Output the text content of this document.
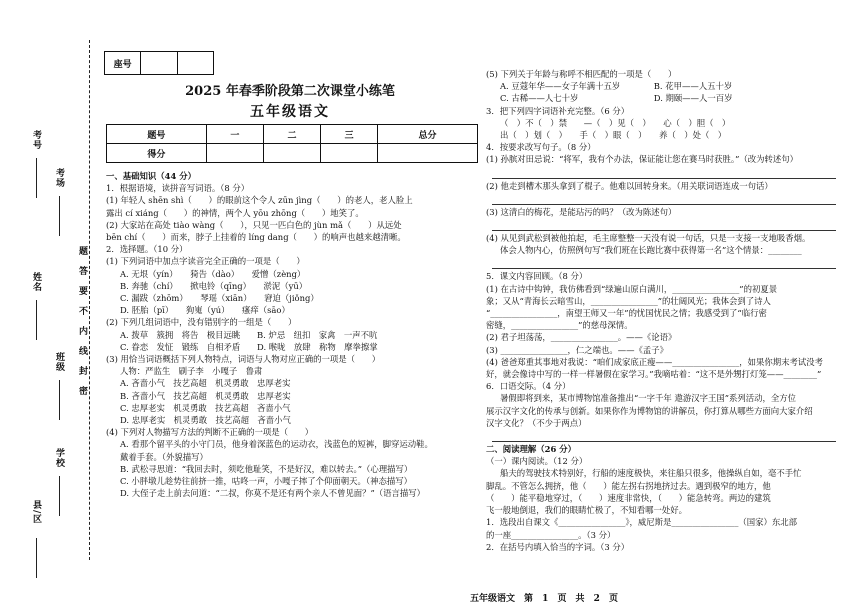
考号
考场
姓名
班级
学校
县/区
题
答
要
不
内
线
封
密
座号
2025 年春季阶段第二次课堂小练笔
五年级语文
题号	一	二	三	总分
得分				
一、基础知识（44 分）
1．根据语境，读拼音写词语。（8 分）
(1) 年轻人 shēn shì（　　）的眼前这个令人 zūn jìng（　　）的老人，老人脸上
露出 cí xiáng（　　）的神情，两个人 yōu zhōng（　　）地笑了。
(2) 大家站在高处 tiào wàng（　　），只见一匹白色的 jùn mǎ（　　）从远处
bēn chí（　　）而来，脖子上挂着的 líng dang（　　）的响声也越来越清晰。
2．选择题。（10 分）
(1) 下列词语中加点字读音完全正确的一项是（　　）
A. 无垠（yín）　　猗告（dào）　　爱憎（zèng）
B. 奔驰（chí）　　掀电铃（qīng）　　淤泥（yū）
C. 漏跋（zhōm）　　琴瑶（xiān）　　窘迫（jiǒng）
D. 胚胎（pī）　　狗嵬（yú）　　瘙痒（sāo）
(2) 下列几组词语中，没有错别字的一组是（　　）
A. 拨草　簇拥　将告　极目远眺　　B. 炉忌　纽扣　家禽　一声不吭
C. 眷恋　发怔　锻练　自相矛盾　　D. 喉咙　放肆　称物　摩拳擦掌
(3) 用恰当词语概括下列人物特点，词语与人物对应正确的一项是（　　）
人物：严监生　刷子李　小嘎子　鲁肃
A. 吝啬小气　技艺高超　机灵勇敢　忠厚老实
B. 吝啬小气　技艺高超　机灵勇敢　忠厚老实
C. 忠厚老实　机灵勇敢　技艺高超　吝啬小气
D. 忠厚老实　机灵勇敢　技艺高超　吝啬小气
(4) 下列对人物描写方法的判断不正确的一项是（　　）
A. 看那个留平头的小守门员，他身着深蓝色的运动衣，浅蓝色的短裤，脚穿运动鞋。
戴着手套。（外貌描写）
B. 武松寻思道：“我回去时，须吃他耻笑，不是好汉，难以转去。”（心理描写）
C. 小胖墩儿趁势往前挤一推，咕咚一声，小嘎子摔了个仰面朝天。（神态描写）
D. 大侄子走上前去问道：“二叔，你莫不是还有两个亲人不曾见面？”（语言描写）
(5) 下列关于年龄与称呼不相匹配的一项是（　　）
A. 豆蔻年华——女子年满十五岁　　　　B. 花甲——人五十岁
C. 古稀——人七十岁　　　　　　　　　D. 期颐——人一百岁
3．把下列四字词语补充完整。（6 分）
（　）不（　）禁　　—（　）见（　）　　心（　）胆（　）
出（　）划（　）　　手（　）眼（　）　　养（　）处（　）
4．按要求改写句子。（8 分）
(1) 孙膑对田忌说：“将军，我有个办法，保证能让您在赛马时获胜。”（改为转述句）
(2) 他走到槽木那头拿到了棍子。他难以回转身来。（用关联词语连成一句话）
(3) 这清白的梅花，是能玷污的吗？（改为陈述句）
(4) 从见到武松到被他拍起，毛主席整整一天没有说一句话，只是一支接一支地吸香烟。
体会人物内心，仿照例句写“我们班在长跑比赛中获得第一名”这个情景：________
5．课文内容回顾。（8 分）
(1) 在古诗中钩钟，我仿佛看到“绿遍山原白满川，________________”的初夏景
象；又从“青海长云暗雪山，________________”的壮阔风光；我体会到了诗人
“________________，南望王师又一年”的忧国忧民之情；我感受到了“临行密
密缝，________________”的慈母深情。
(2) 君子坦荡荡，________________。——《论语》
(3) ________________，仁之端也。——《孟子》
(4) 爸爸郑重其事地对我说：“咱们成家底正瘦——________________，如果你期末考试没考
好，就会像诗中写的一样一样暑假在家学习。”我嘀咕着：“这不是外甥打灯笼——________”
6．口语交际。（4 分）
暑假即将到来，某市博物馆准备推出“一字千年 遨游汉字王国”系列活动，全方位
展示汉字文化的传承与创新。如果你作为博物馆的讲解员，你打算从哪些方面向大家介绍
汉字文化？（不少于两点）
二、阅读理解（26 分）
（一）课内阅读。（12 分）
船夫的驾驶技术特别好，行船的速度极快，来往船只很多，他操纵自如，毫不手忙
脚乱。不管怎么拥挤，他（　　）能左拐右拐地挤过去。遇到极窄的地方，他
（　　）能平稳地穿过，（　　）速度非常快，（　　）能急转弯。两边的建筑
飞一般地倒退，我们的眼睛忙极了，不知看哪一处好。
1．选段出自课文《________________》，威尼斯是________________（国家）东北部
的一座________________。（3 分）
2．在括号内填入恰当的字词。（3 分）
五年级语文　第 1 页　共 2 页
